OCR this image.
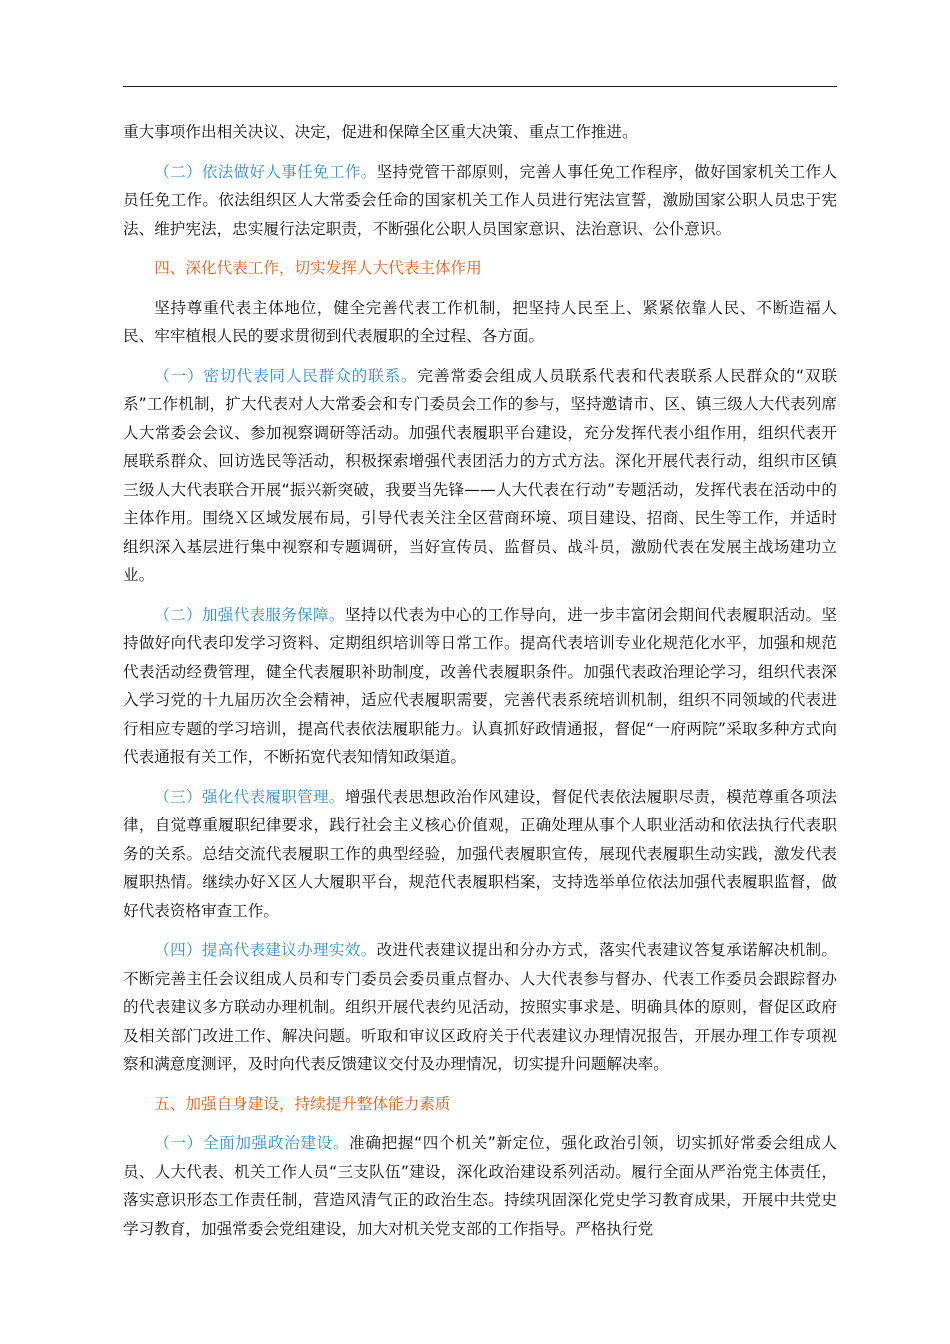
重大事项作出相关决议、决定，促进和保障全区重大决策、重点工作推进。

（二）依法做好人事任免工作。坚持党管干部原则，完善人事任免工作程序，做好国家机关工作人员任免工作。依法组织区人大常委会任命的国家机关工作人员进行宪法宣誓，激励国家公职人员忠于宪法、维护宪法，忠实履行法定职责，不断强化公职人员国家意识、法治意识、公仆意识。

四、深化代表工作，切实发挥人大代表主体作用

坚持尊重代表主体地位，健全完善代表工作机制，把坚持人民至上、紧紧依靠人民、不断造福人民、牢牢植根人民的要求贯彻到代表履职的全过程、各方面。

（一）密切代表同人民群众的联系。完善常委会组成人员联系代表和代表联系人民群众的“双联系”工作机制，扩大代表对人大常委会和专门委员会工作的参与，坚持邀请市、区、镇三级人大代表列席人大常委会会议、参加视察调研等活动。加强代表履职平台建设，充分发挥代表小组作用，组织代表开展联系群众、回访选民等活动，积极探索增强代表团活力的方式方法。深化开展代表行动，组织市区镇三级人大代表联合开展“振兴新突破，我要当先锋——人大代表在行动”专题活动，发挥代表在活动中的主体作用。围绕Ｘ区域发展布局，引导代表关注全区营商环境、项目建设、招商、民生等工作，并适时组织深入基层进行集中视察和专题调研，当好宣传员、监督员、战斗员，激励代表在发展主战场建功立业。

（二）加强代表服务保障。坚持以代表为中心的工作导向，进一步丰富闭会期间代表履职活动。坚持做好向代表印发学习资料、定期组织培训等日常工作。提高代表培训专业化规范化水平，加强和规范代表活动经费管理，健全代表履职补助制度，改善代表履职条件。加强代表政治理论学习，组织代表深入学习党的十九届历次全会精神，适应代表履职需要，完善代表系统培训机制，组织不同领域的代表进行相应专题的学习培训，提高代表依法履职能力。认真抓好政情通报，督促“一府两院”采取多种方式向代表通报有关工作，不断拓宽代表知情知政渠道。

（三）强化代表履职管理。增强代表思想政治作风建设，督促代表依法履职尽责，模范尊重各项法律，自觉尊重履职纪律要求，践行社会主义核心价值观，正确处理从事个人职业活动和依法执行代表职务的关系。总结交流代表履职工作的典型经验，加强代表履职宣传，展现代表履职生动实践，激发代表履职热情。继续办好Ｘ区人大履职平台，规范代表履职档案，支持选举单位依法加强代表履职监督，做好代表资格审查工作。

（四）提高代表建议办理实效。改进代表建议提出和分办方式，落实代表建议答复承诺解决机制。不断完善主任会议组成人员和专门委员会委员重点督办、人大代表参与督办、代表工作委员会跟踪督办的代表建议多方联动办理机制。组织开展代表约见活动，按照实事求是、明确具体的原则，督促区政府及相关部门改进工作、解决问题。听取和审议区政府关于代表建议办理情况报告，开展办理工作专项视察和满意度测评，及时向代表反馈建议交付及办理情况，切实提升问题解决率。

五、加强自身建设，持续提升整体能力素质

（一）全面加强政治建设。准确把握“四个机关”新定位，强化政治引领，切实抓好常委会组成人员、人大代表、机关工作人员“三支队伍”建设，深化政治建设系列活动。履行全面从严治党主体责任，落实意识形态工作责任制，营造风清气正的政治生态。持续巩固深化党史学习教育成果，开展中共党史学习教育，加强常委会党组建设，加大对机关党支部的工作指导。严格执行党
